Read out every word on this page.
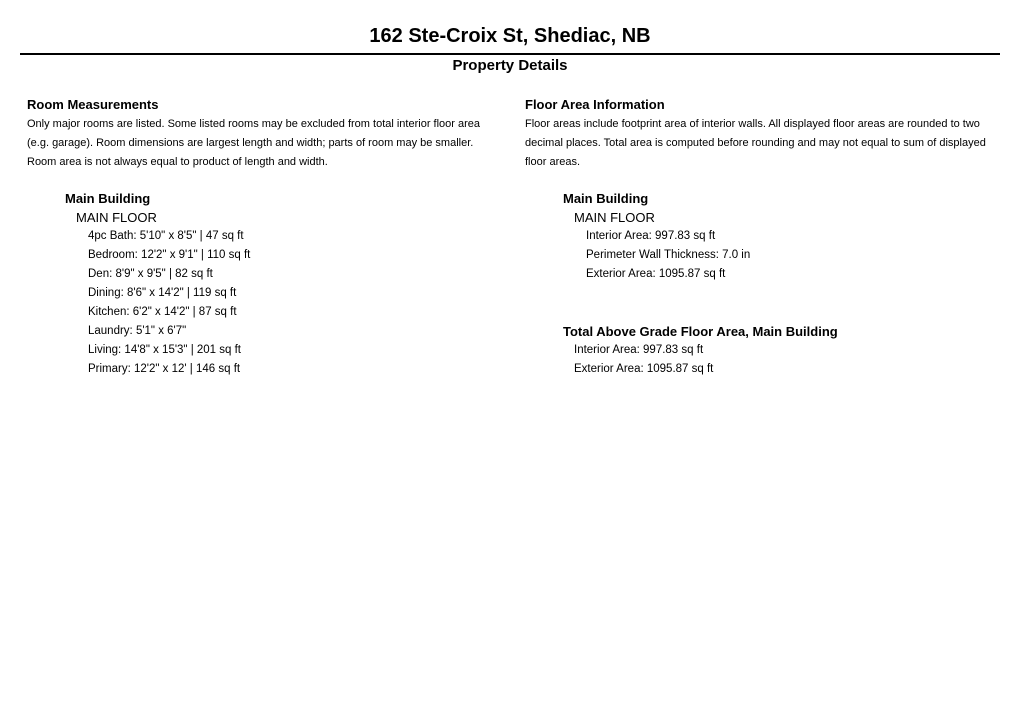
162 Ste-Croix St, Shediac, NB
Property Details
Room Measurements
Only major rooms are listed. Some listed rooms may be excluded from total interior floor area
(e.g. garage). Room dimensions are largest length and width; parts of room may be smaller.
Room area is not always equal to product of length and width.
Main Building
MAIN FLOOR
4pc Bath: 5'10" x 8'5" | 47 sq ft
Bedroom: 12'2" x 9'1" | 110 sq ft
Den: 8'9" x 9'5" | 82 sq ft
Dining: 8'6" x 14'2" | 119 sq ft
Kitchen: 6'2" x 14'2" | 87 sq ft
Laundry: 5'1" x 6'7"
Living: 14'8" x 15'3" | 201 sq ft
Primary: 12'2" x 12' | 146 sq ft
Floor Area Information
Floor areas include footprint area of interior walls. All displayed floor areas are rounded to two
decimal places. Total area is computed before rounding and may not equal to sum of displayed
floor areas.
Main Building
MAIN FLOOR
Interior Area: 997.83 sq ft
Perimeter Wall Thickness: 7.0 in
Exterior Area: 1095.87 sq ft
Total Above Grade Floor Area, Main Building
Interior Area: 997.83 sq ft
Exterior Area: 1095.87 sq ft
